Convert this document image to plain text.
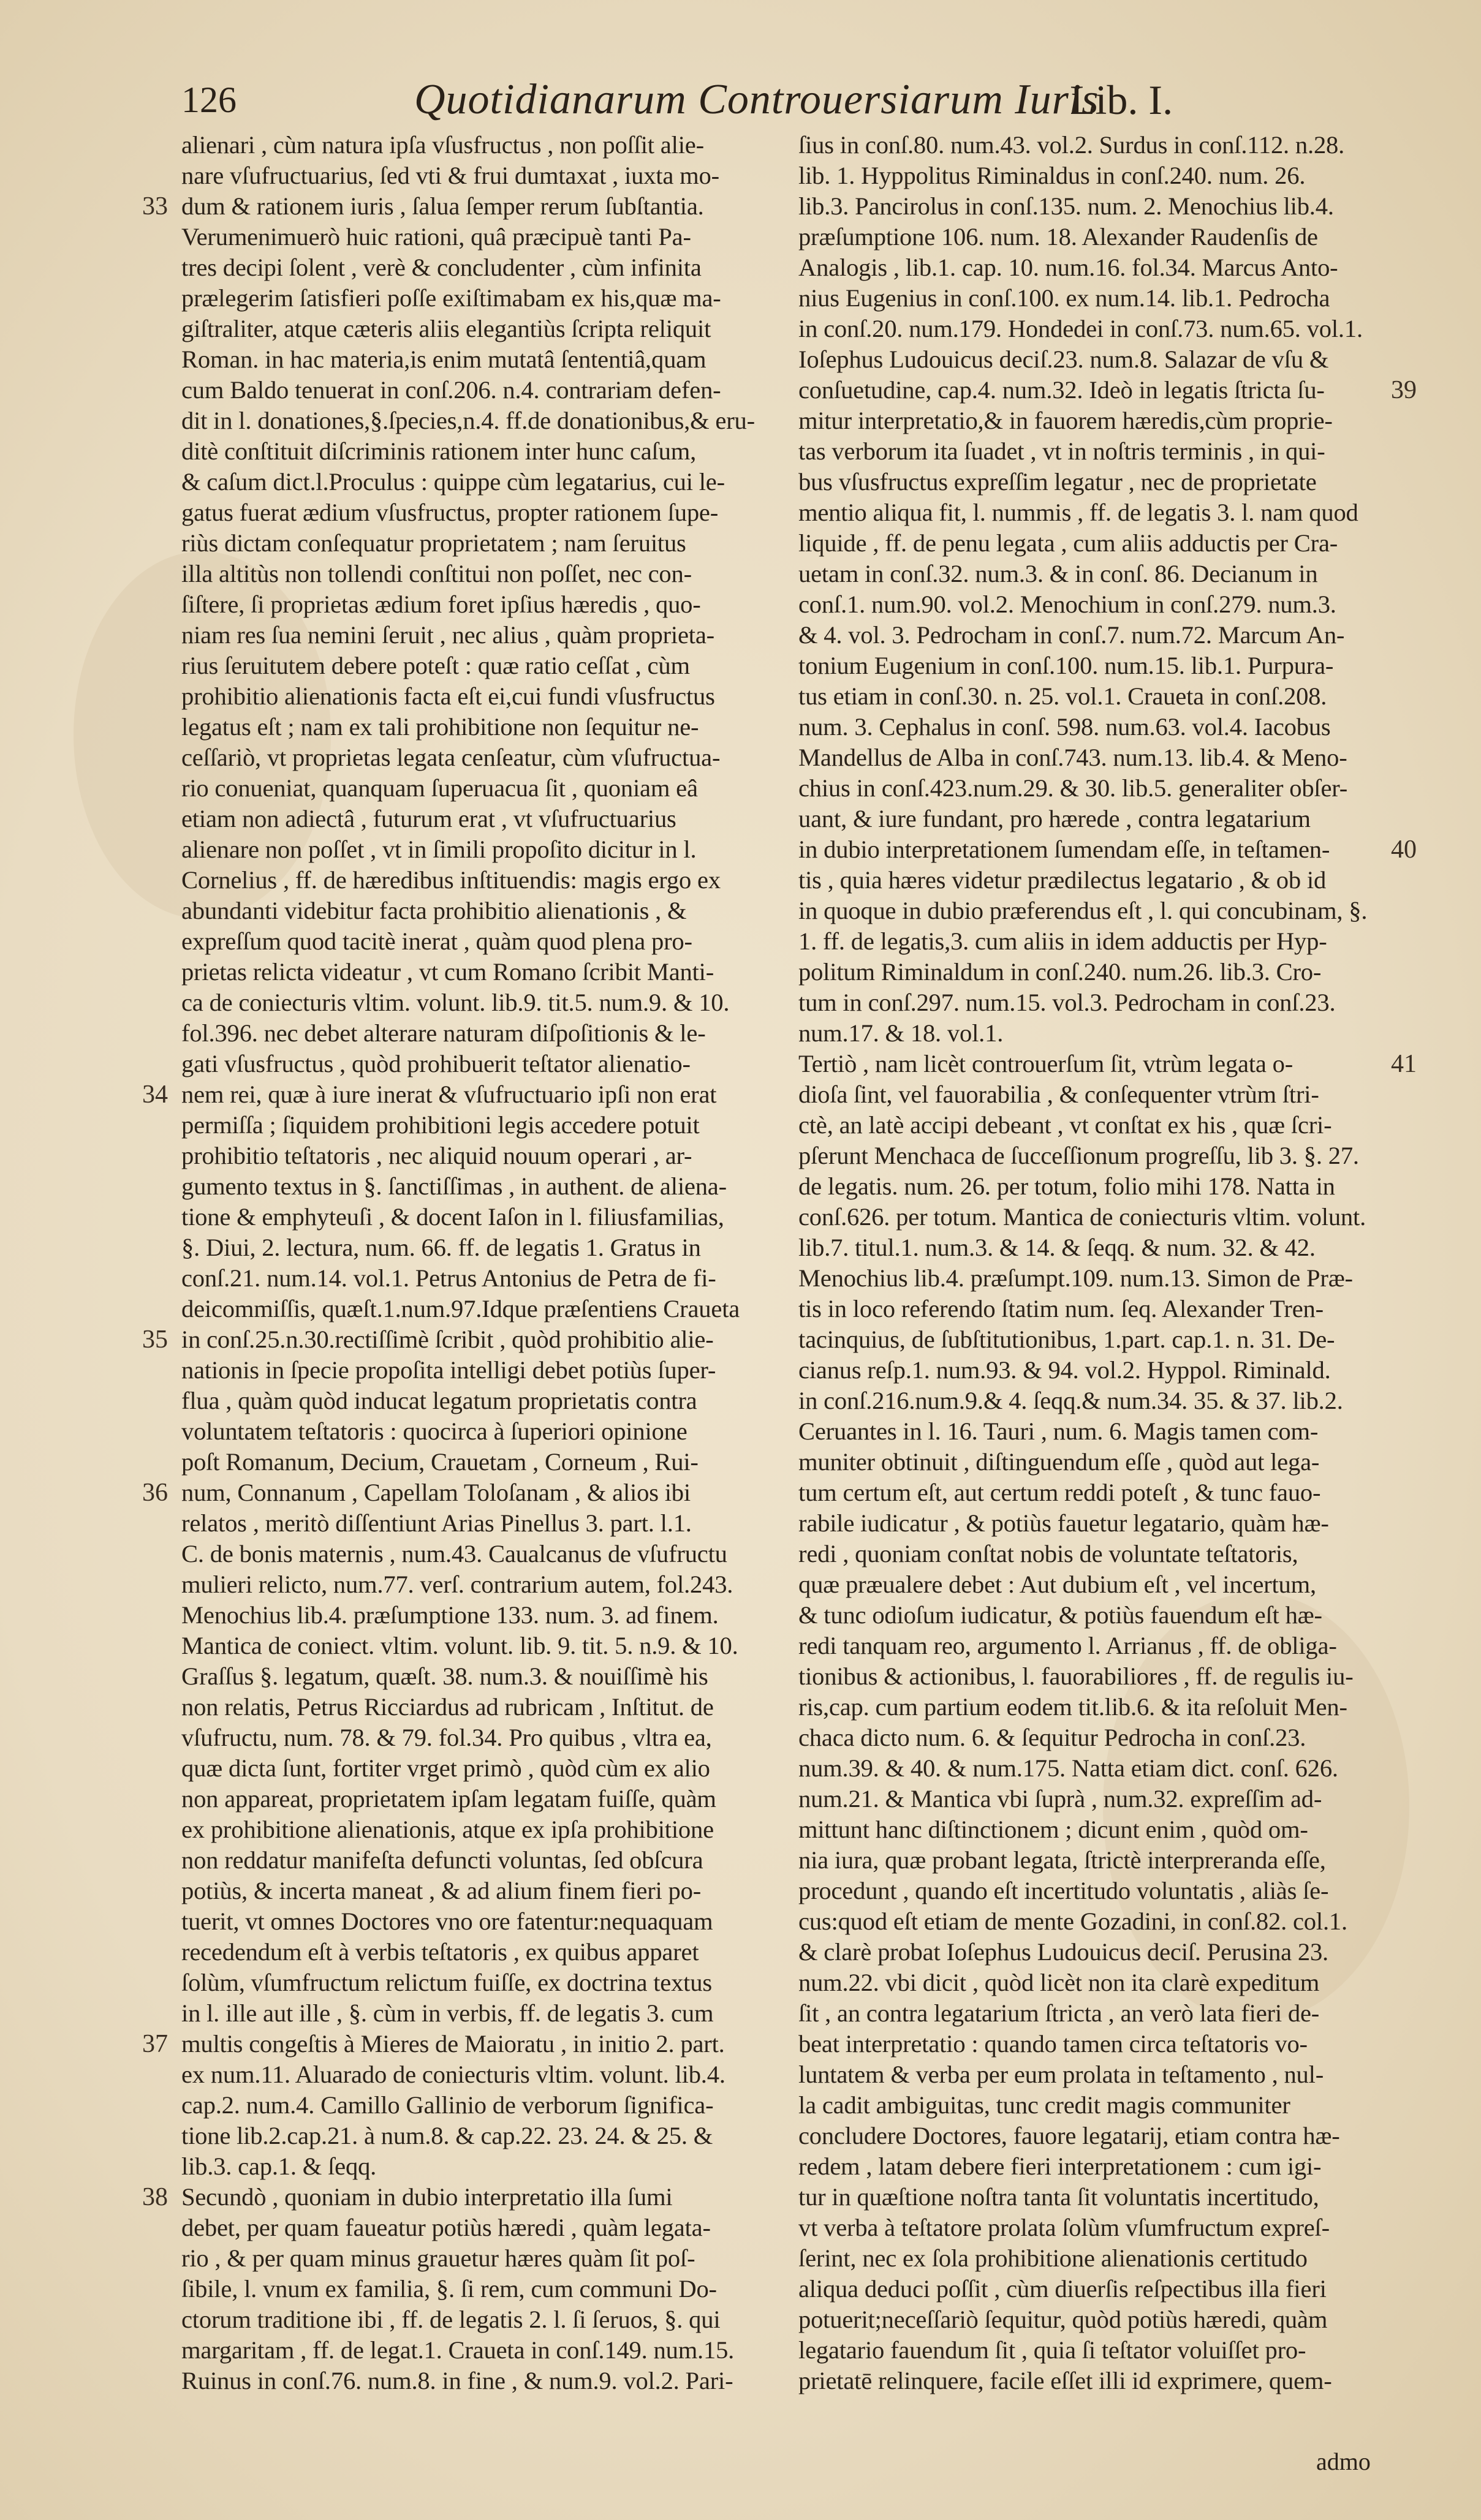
126	Quotidianarum Controuersiarum Iuris
Lib. I.
33
34
35
36
37
38
39
40
41
alienari , cùm natura ipſa vſusfructus , non poſſit alie-
nare vſufructuarius, ſed vti & frui dumtaxat , iuxta mo-
dum & rationem iuris , ſalua ſemper rerum ſubſtantia.
Verumenimuerò huic rationi, quâ præcipuè tanti Pa-
tres decipi ſolent , verè & concludenter , cùm infinita
prælegerim ſatisfieri poſſe exiſtimabam ex his,quæ ma-
giſtraliter, atque cæteris aliis elegantiùs ſcripta reliquit
Roman. in hac materia,is enim mutatâ ſententiâ,quam
cum Baldo tenuerat in conſ.206. n.4. contrariam defen-
dit in l. donationes,§.ſpecies,n.4. ff.de donationibus,& eru-
ditè conſtituit diſcriminis rationem inter hunc caſum,
& caſum dict.l.Proculus : quippe cùm legatarius, cui le-
gatus fuerat ædium vſusfructus, propter rationem ſupe-
riùs dictam conſequatur proprietatem ; nam ſeruitus
illa altitùs non tollendi conſtitui non poſſet, nec con-
ſiſtere, ſi proprietas ædium foret ipſius hæredis , quo-
niam res ſua nemini ſeruit , nec alius , quàm proprieta-
rius ſeruitutem debere poteſt : quæ ratio ceſſat , cùm
prohibitio alienationis facta eſt ei,cui fundi vſusfructus
legatus eſt ; nam ex tali prohibitione non ſequitur ne-
ceſſariò, vt proprietas legata cenſeatur, cùm vſufructua-
rio conueniat, quanquam ſuperuacua ſit , quoniam eâ
etiam non adiectâ , futurum erat , vt vſufructuarius
alienare non poſſet , vt in ſimili propoſito dicitur in l.
Cornelius , ff. de hæredibus inſtituendis: magis ergo ex
abundanti videbitur facta prohibitio alienationis , &
expreſſum quod tacitè inerat , quàm quod plena pro-
prietas relicta videatur , vt cum Romano ſcribit Manti-
ca de coniecturis vltim. volunt. lib.9. tit.5. num.9. & 10.
fol.396. nec debet alterare naturam diſpoſitionis & le-
gati vſusfructus , quòd prohibuerit teſtator alienatio-
nem rei, quæ à iure inerat & vſufructuario ipſi non erat
permiſſa ; ſiquidem prohibitioni legis accedere potuit
prohibitio teſtatoris , nec aliquid nouum operari , ar-
gumento textus in §. ſanctiſſimas , in authent. de aliena-
tione & emphyteuſi , & docent Iaſon in l. filiusfamilias,
§. Diui, 2. lectura, num. 66. ff. de legatis 1. Gratus in
conſ.21. num.14. vol.1. Petrus Antonius de Petra de fi-
deicommiſſis, quæſt.1.num.97.Idque præſentiens Craueta
in conſ.25.n.30.rectiſſimè ſcribit , quòd prohibitio alie-
nationis in ſpecie propoſita intelligi debet potiùs ſuper-
flua , quàm quòd inducat legatum proprietatis contra
voluntatem teſtatoris : quocirca à ſuperiori opinione
poſt Romanum, Decium, Crauetam , Corneum , Rui-
num, Connanum , Capellam Toloſanam , & alios ibi
relatos , meritò diſſentiunt Arias Pinellus 3. part. l.1.
C. de bonis maternis , num.43. Caualcanus de vſufructu
mulieri relicto, num.77. verſ. contrarium autem, fol.243.
Menochius lib.4. præſumptione 133. num. 3. ad finem.
Mantica de coniect. vltim. volunt. lib. 9. tit. 5. n.9. & 10.
Graſſus §. legatum, quæſt. 38. num.3. & nouiſſimè his
non relatis, Petrus Ricciardus ad rubricam , Inſtitut. de
vſufructu, num. 78. & 79. fol.34. Pro quibus , vltra ea,
quæ dicta ſunt, fortiter vrget primò , quòd cùm ex alio
non appareat, proprietatem ipſam legatam fuiſſe, quàm
ex prohibitione alienationis, atque ex ipſa prohibitione
non reddatur manifeſta defuncti voluntas, ſed obſcura
potiùs, & incerta maneat , & ad alium finem fieri po-
tuerit, vt omnes Doctores vno ore fatentur:nequaquam
recedendum eſt à verbis teſtatoris , ex quibus apparet
ſolùm, vſumfructum relictum fuiſſe, ex doctrina textus
in l. ille aut ille , §. cùm in verbis, ff. de legatis 3. cum
multis congeſtis à Mieres de Maioratu , in initio 2. part.
ex num.11. Aluarado de coniecturis vltim. volunt. lib.4.
cap.2. num.4. Camillo Gallinio de verborum ſignifica-
tione lib.2.cap.21. à num.8. & cap.22. 23. 24. & 25. &
lib.3. cap.1. & ſeqq.
Secundò , quoniam in dubio interpretatio illa ſumi
debet, per quam faueatur potiùs hæredi , quàm legata-
rio , & per quam minus grauetur hæres quàm ſit poſ-
ſibile, l. vnum ex familia, §. ſi rem, cum communi Do-
ctorum traditione ibi , ff. de legatis 2. l. ſi ſeruos, §. qui
margaritam , ff. de legat.1. Craueta in conſ.149. num.15.
Ruinus in conſ.76. num.8. in fine , & num.9. vol.2. Pari-
ſius in conſ.80. num.43. vol.2. Surdus in conſ.112. n.28.
lib. 1. Hyppolitus Riminaldus in conſ.240. num. 26.
lib.3. Pancirolus in conſ.135. num. 2. Menochius lib.4.
præſumptione 106. num. 18. Alexander Raudenſis de
Analogis , lib.1. cap. 10. num.16. fol.34. Marcus Anto-
nius Eugenius in conſ.100. ex num.14. lib.1. Pedrocha
in conſ.20. num.179. Hondedei in conſ.73. num.65. vol.1.
Ioſephus Ludouicus deciſ.23. num.8. Salazar de vſu &
conſuetudine, cap.4. num.32. Ideò in legatis ſtricta ſu-
mitur interpretatio,& in fauorem hæredis,cùm proprie-
tas verborum ita ſuadet , vt in noſtris terminis , in qui-
bus vſusfructus expreſſim legatur , nec de proprietate
mentio aliqua fit, l. nummis , ff. de legatis 3. l. nam quod
liquide , ff. de penu legata , cum aliis adductis per Cra-
uetam in conſ.32. num.3. & in conſ. 86. Decianum in
conſ.1. num.90. vol.2. Menochium in conſ.279. num.3.
& 4. vol. 3. Pedrocham in conſ.7. num.72. Marcum An-
tonium Eugenium in conſ.100. num.15. lib.1. Purpura-
tus etiam in conſ.30. n. 25. vol.1. Craueta in conſ.208.
num. 3. Cephalus in conſ. 598. num.63. vol.4. Iacobus
Mandellus de Alba in conſ.743. num.13. lib.4. & Meno-
chius in conſ.423.num.29. & 30. lib.5. generaliter obſer-
uant, & iure fundant, pro hærede , contra legatarium
in dubio interpretationem ſumendam eſſe, in teſtamen-
tis , quia hæres videtur prædilectus legatario , & ob id
in quoque in dubio præferendus eſt , l. qui concubinam, §.
1. ff. de legatis,3. cum aliis in idem adductis per Hyp-
politum Riminaldum in conſ.240. num.26. lib.3. Cro-
tum in conſ.297. num.15. vol.3. Pedrocham in conſ.23.
num.17. & 18. vol.1.
Tertiò , nam licèt controuerſum ſit, vtrùm legata o-
dioſa ſint, vel fauorabilia , & conſequenter vtrùm ſtri-
ctè, an latè accipi debeant , vt conſtat ex his , quæ ſcri-
pſerunt Menchaca de ſucceſſionum progreſſu, lib 3. §. 27.
de legatis. num. 26. per totum, folio mihi 178. Natta in
conſ.626. per totum. Mantica de coniecturis vltim. volunt.
lib.7. titul.1. num.3. & 14. & ſeqq. & num. 32. & 42.
Menochius lib.4. præſumpt.109. num.13. Simon de Præ-
tis in loco referendo ſtatim num. ſeq. Alexander Tren-
tacinquius, de ſubſtitutionibus, 1.part. cap.1. n. 31. De-
cianus reſp.1. num.93. & 94. vol.2. Hyppol. Riminald.
in conſ.216.num.9.& 4. ſeqq.& num.34. 35. & 37. lib.2.
Ceruantes in l. 16. Tauri , num. 6. Magis tamen com-
muniter obtinuit , diſtinguendum eſſe , quòd aut lega-
tum certum eſt, aut certum reddi poteſt , & tunc fauo-
rabile iudicatur , & potiùs fauetur legatario, quàm hæ-
redi , quoniam conſtat nobis de voluntate teſtatoris,
quæ præualere debet : Aut dubium eſt , vel incertum,
& tunc odioſum iudicatur, & potiùs fauendum eſt hæ-
redi tanquam reo, argumento l. Arrianus , ff. de obliga-
tionibus & actionibus, l. fauorabiliores , ff. de regulis iu-
ris,cap. cum partium eodem tit.lib.6. & ita reſoluit Men-
chaca dicto num. 6. & ſequitur Pedrocha in conſ.23.
num.39. & 40. & num.175. Natta etiam dict. conſ. 626.
num.21. & Mantica vbi ſuprà , num.32. expreſſim ad-
mittunt hanc diſtinctionem ; dicunt enim , quòd om-
nia iura, quæ probant legata, ſtrictè interpreranda eſſe,
procedunt , quando eſt incertitudo voluntatis , aliàs ſe-
cus:quod eſt etiam de mente Gozadini, in conſ.82. col.1.
& clarè probat Ioſephus Ludouicus deciſ. Perusina 23.
num.22. vbi dicit , quòd licèt non ita clarè expeditum
ſit , an contra legatarium ſtricta , an verò lata fieri de-
beat interpretatio : quando tamen circa teſtatoris vo-
luntatem & verba per eum prolata in teſtamento , nul-
la cadit ambiguitas, tunc credit magis communiter
concludere Doctores, fauore legatarij, etiam contra hæ-
redem , latam debere fieri interpretationem : cum igi-
tur in quæſtione noſtra tanta ſit voluntatis incertitudo,
vt verba à teſtatore prolata ſolùm vſumfructum expreſ-
ſerint, nec ex ſola prohibitione alienationis certitudo
aliqua deduci poſſit , cùm diuerſis reſpectibus illa fieri
potuerit;neceſſariò ſequitur, quòd potiùs hæredi, quàm
legatario fauendum ſit , quia ſi teſtator voluiſſet pro-
prietatē relinquere, facile eſſet illi id exprimere, quem-
admo
